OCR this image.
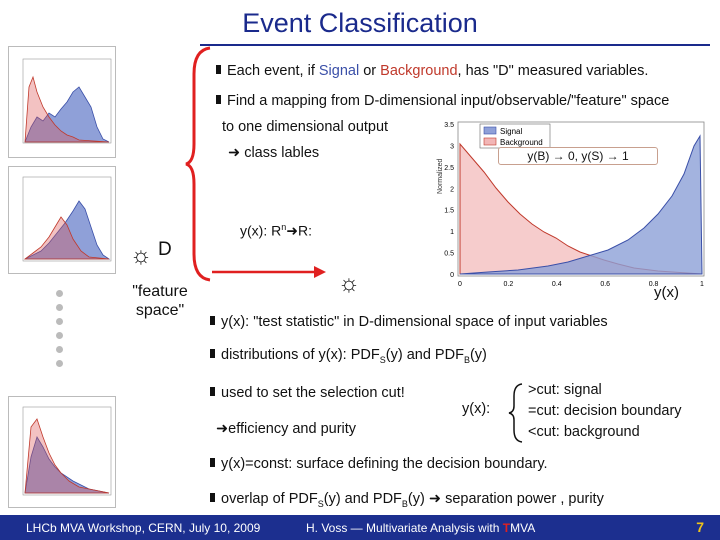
Event Classification
Each event, if Signal or Background, has "D" measured variables.
Find a mapping from D-dimensional input/observable/"feature" space
to one dimensional output
➜ class lables
Normalized
Signal
Background
0
0.5
1
1.5
2
2.5
3
3.5
0	0.2	0.4	0.6	0.8	1
y(B) → 0, y(S) → 1
y(x): $R^n➜R$:
☼ D
"feature space"
☼	y(x)
y(x): "test statistic" in D-dimensional space of input variables
distributions of y(x): $PDF_S(y)$ and $PDF_B(y)$
used to set the selection cut!
➜efficiency and purity
y(x):
>cut: signal
=cut: decision boundary
<cut: background
y(x)=const: surface defining the decision boundary.
overlap of $PDF_S(y)$ and $PDF_B(y)$ ➜ separation power , purity
LHCb MVA Workshop, CERN, July 10, 2009	H. Voss — Multivariate Analysis with TMVA	7
